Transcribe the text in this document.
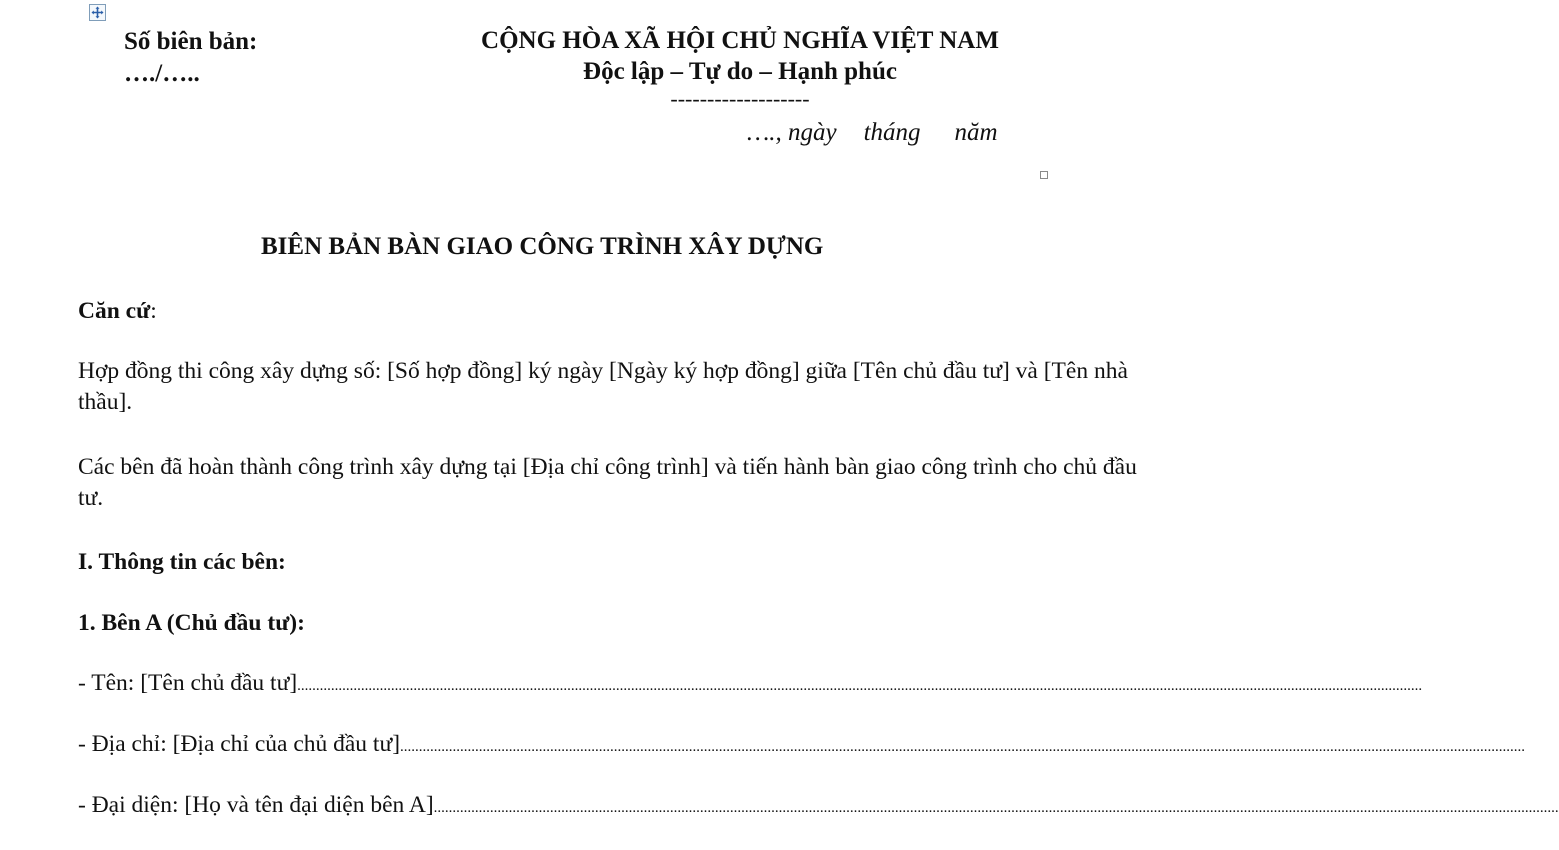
Số biên bản:
…./…..
CỘNG HÒA XÃ HỘI CHỦ NGHĨA VIỆT NAM
Độc lập – Tự do – Hạnh phúc
-------------------
…., ngày tháng năm
BIÊN BẢN BÀN GIAO CÔNG TRÌNH XÂY DỰNG
Căn cứ:
Hợp đồng thi công xây dựng số: [Số hợp đồng] ký ngày [Ngày ký hợp đồng] giữa [Tên chủ đầu tư] và [Tên nhà thầu].
Các bên đã hoàn thành công trình xây dựng tại [Địa chỉ công trình] và tiến hành bàn giao công trình cho chủ đầu tư.
I. Thông tin các bên:
1. Bên A (Chủ đầu tư):
- Tên: [Tên chủ đầu tư] ............................................................................................................................................................................................................................................................................................................
- Địa chỉ: [Địa chỉ của chủ đầu tư] ............................................................................................................................................................................................................................................................................................................
- Đại diện: [Họ và tên đại diện bên A] ............................................................................................................................................................................................................................................................................................................
